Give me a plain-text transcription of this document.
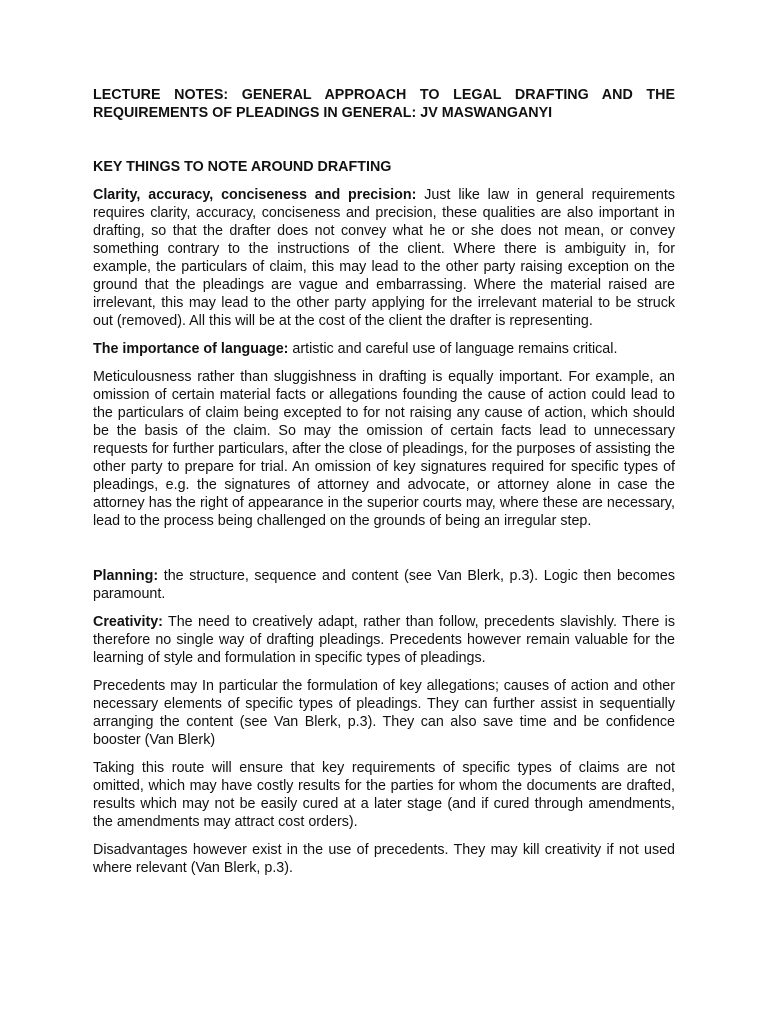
LECTURE NOTES: GENERAL APPROACH TO LEGAL DRAFTING AND THE REQUIREMENTS OF PLEADINGS IN GENERAL: JV MASWANGANYI
KEY THINGS TO NOTE AROUND DRAFTING

Clarity, accuracy, conciseness and precision: Just like law in general requirements requires clarity, accuracy, conciseness and precision, these qualities are also important in drafting, so that the drafter does not convey what he or she does not mean, or convey something contrary to the instructions of the client. Where there is ambiguity in, for example, the particulars of claim, this may lead to the other party raising exception on the ground that the pleadings are vague and embarrassing. Where the material raised are irrelevant, this may lead to the other party applying for the irrelevant material to be struck out (removed). All this will be at the cost of the client the drafter is representing.

The importance of language: artistic and careful use of language remains critical.

Meticulousness rather than sluggishness in drafting is equally important. For example, an omission of certain material facts or allegations founding the cause of action could lead to the particulars of claim being excepted to for not raising any cause of action, which should be the basis of the claim. So may the omission of certain facts lead to unnecessary requests for further particulars, after the close of pleadings, for the purposes of assisting the other party to prepare for trial. An omission of key signatures required for specific types of pleadings, e.g. the signatures of attorney and advocate, or attorney alone in case the attorney has the right of appearance in the superior courts may, where these are necessary, lead to the process being challenged on the grounds of being an irregular step.

Planning: the structure, sequence and content (see Van Blerk, p.3). Logic then becomes paramount.

Creativity: The need to creatively adapt, rather than follow, precedents slavishly. There is therefore no single way of drafting pleadings. Precedents however remain valuable for the learning of style and formulation in specific types of pleadings.

Precedents may In particular the formulation of key allegations; causes of action and other necessary elements of specific types of pleadings. They can further assist in sequentially arranging the content (see Van Blerk, p.3). They can also save time and be confidence booster (Van Blerk)

Taking this route will ensure that key requirements of specific types of claims are not omitted, which may have costly results for the parties for whom the documents are drafted, results which may not be easily cured at a later stage (and if cured through amendments, the amendments may attract cost orders).

Disadvantages however exist in the use of precedents. They may kill creativity if not used where relevant (Van Blerk, p.3).
